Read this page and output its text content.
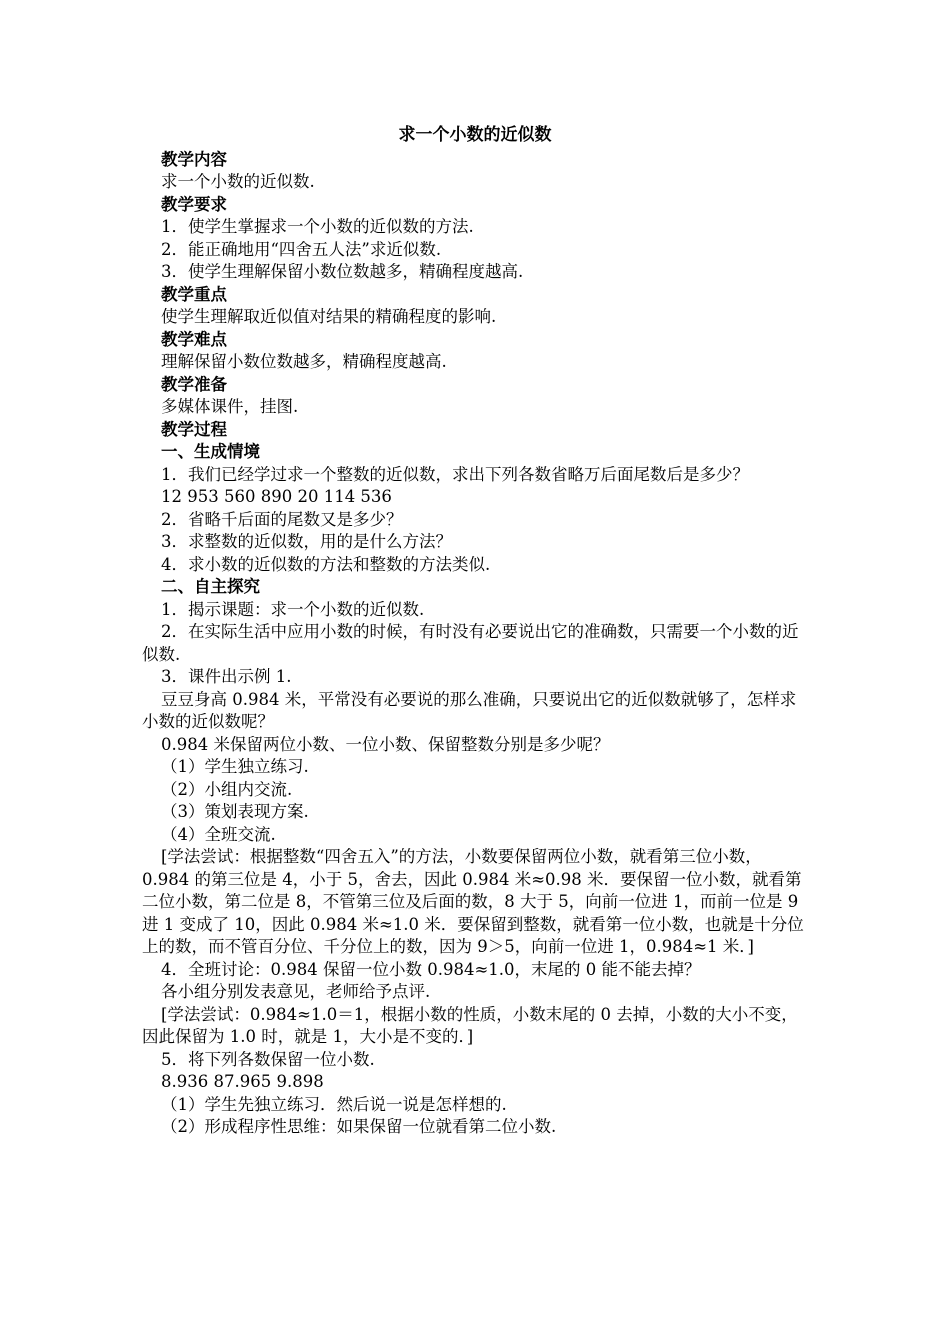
求一个小数的近似数
教学内容
求一个小数的近似数.
教学要求
1．使学生掌握求一个小数的近似数的方法.
2．能正确地用“四舍五人法”求近似数.
3．使学生理解保留小数位数越多，精确程度越高.
教学重点
使学生理解取近似值对结果的精确程度的影响.
教学难点
理解保留小数位数越多，精确程度越高.
教学准备
多媒体课件，挂图.
教学过程
一、生成情境
1．我们已经学过求一个整数的近似数，求出下列各数省略万后面尾数后是多少？
12 953 560 890 20 114 536
2．省略千后面的尾数又是多少？
3．求整数的近似数，用的是什么方法？
4．求小数的近似数的方法和整数的方法类似.
二、自主探究
1．揭示课题：求一个小数的近似数.
2．在实际生活中应用小数的时候，有时没有必要说出它的准确数，只需要一个小数的近似数.
3．课件出示例 1.
豆豆身高 0.984 米，平常没有必要说的那么准确，只要说出它的近似数就够了，怎样求小数的近似数呢？
0.984 米保留两位小数、一位小数、保留整数分别是多少呢？
（1）学生独立练习.
（2）小组内交流.
（3）策划表现方案.
（4）全班交流.
[学法尝试：根据整数“四舍五入”的方法，小数要保留两位小数，就看第三位小数，0.984 的第三位是 4，小于 5，舍去，因此 0.984 米≈0.98 米．要保留一位小数，就看第二位小数，第二位是 8，不管第三位及后面的数，8 大于 5，向前一位进 1，而前一位是 9 进 1 变成了 10，因此 0.984 米≈1.0 米．要保留到整数，就看第一位小数，也就是十分位上的数，而不管百分位、千分位上的数，因为 9＞5，向前一位进 1，0.984≈1 米．]
4．全班讨论：0.984 保留一位小数 0.984≈1.0，末尾的 0 能不能去掉？
各小组分别发表意见，老师给予点评.
[学法尝试：0.984≈1.0＝1，根据小数的性质，小数末尾的 0 去掉，小数的大小不变，因此保留为 1.0 时，就是 1，大小是不变的．]
5．将下列各数保留一位小数.
8.936 87.965 9.898
（1）学生先独立练习．然后说一说是怎样想的.
（2）形成程序性思维：如果保留一位就看第二位小数.
